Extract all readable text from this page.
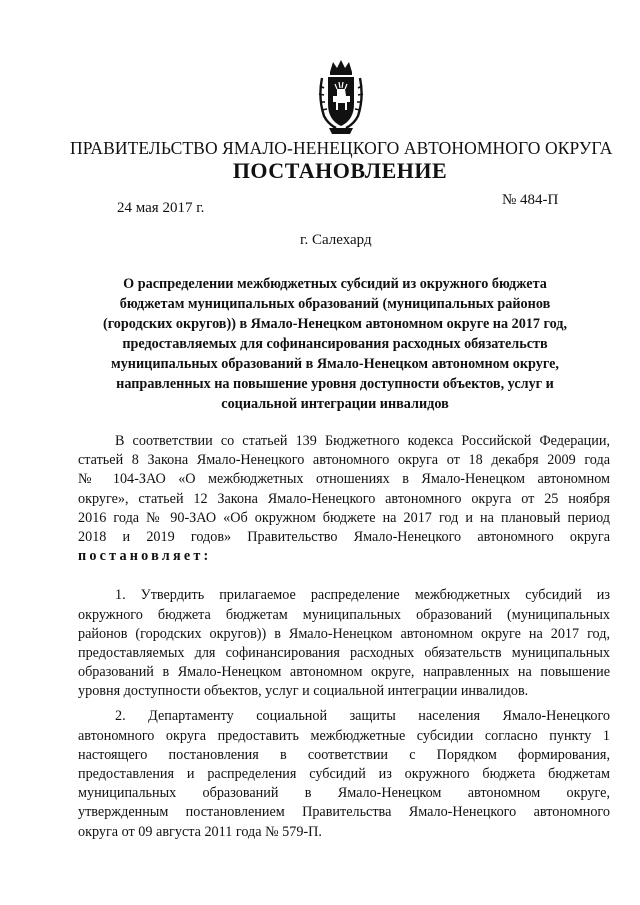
ПРАВИТЕЛЬСТВО ЯМАЛО-НЕНЕЦКОГО АВТОНОМНОГО ОКРУГА
ПОСТАНОВЛЕНИЕ
24 мая 2017 г.	№ 484-П
г. Салехард
О распределении межбюджетных субсидий из окружного бюджета
бюджетам муниципальных образований (муниципальных районов
(городских округов)) в Ямало-Ненецком автономном округе на 2017 год,
предоставляемых для софинансирования расходных обязательств
муниципальных образований в Ямало-Ненецком автономном округе,
направленных на повышение уровня доступности объектов, услуг и
социальной интеграции инвалидов
В соответствии со статьей 139 Бюджетного кодекса Российской Федерации,
статьей 8 Закона Ямало-Ненецкого автономного округа от 18 декабря 2009 года
№ 104-ЗАО «О межбюджетных отношениях в Ямало-Ненецком автономном
округе», статьей 12 Закона Ямало-Ненецкого автономного округа от 25 ноября
2016 года № 90-ЗАО «Об окружном бюджете на 2017 год и на плановый период
2018 и 2019 годов» Правительство Ямало-Ненецкого автономного округа
постановляет:
1. Утвердить прилагаемое распределение межбюджетных субсидий из
окружного бюджета бюджетам муниципальных образований (муниципальных
районов (городских округов)) в Ямало-Ненецком автономном округе на 2017 год,
предоставляемых для софинансирования расходных обязательств муниципальных
образований в Ямало-Ненецком автономном округе, направленных на повышение
уровня доступности объектов, услуг и социальной интеграции инвалидов.
2. Департаменту социальной защиты населения Ямало-Ненецкого
автономного округа предоставить межбюджетные субсидии согласно пункту 1
настоящего постановления в соответствии с Порядком формирования,
предоставления и распределения субсидий из окружного бюджета бюджетам
муниципальных образований в Ямало-Ненецком автономном округе,
утвержденным постановлением Правительства Ямало-Ненецкого автономного
округа от 09 августа 2011 года № 579-П.
